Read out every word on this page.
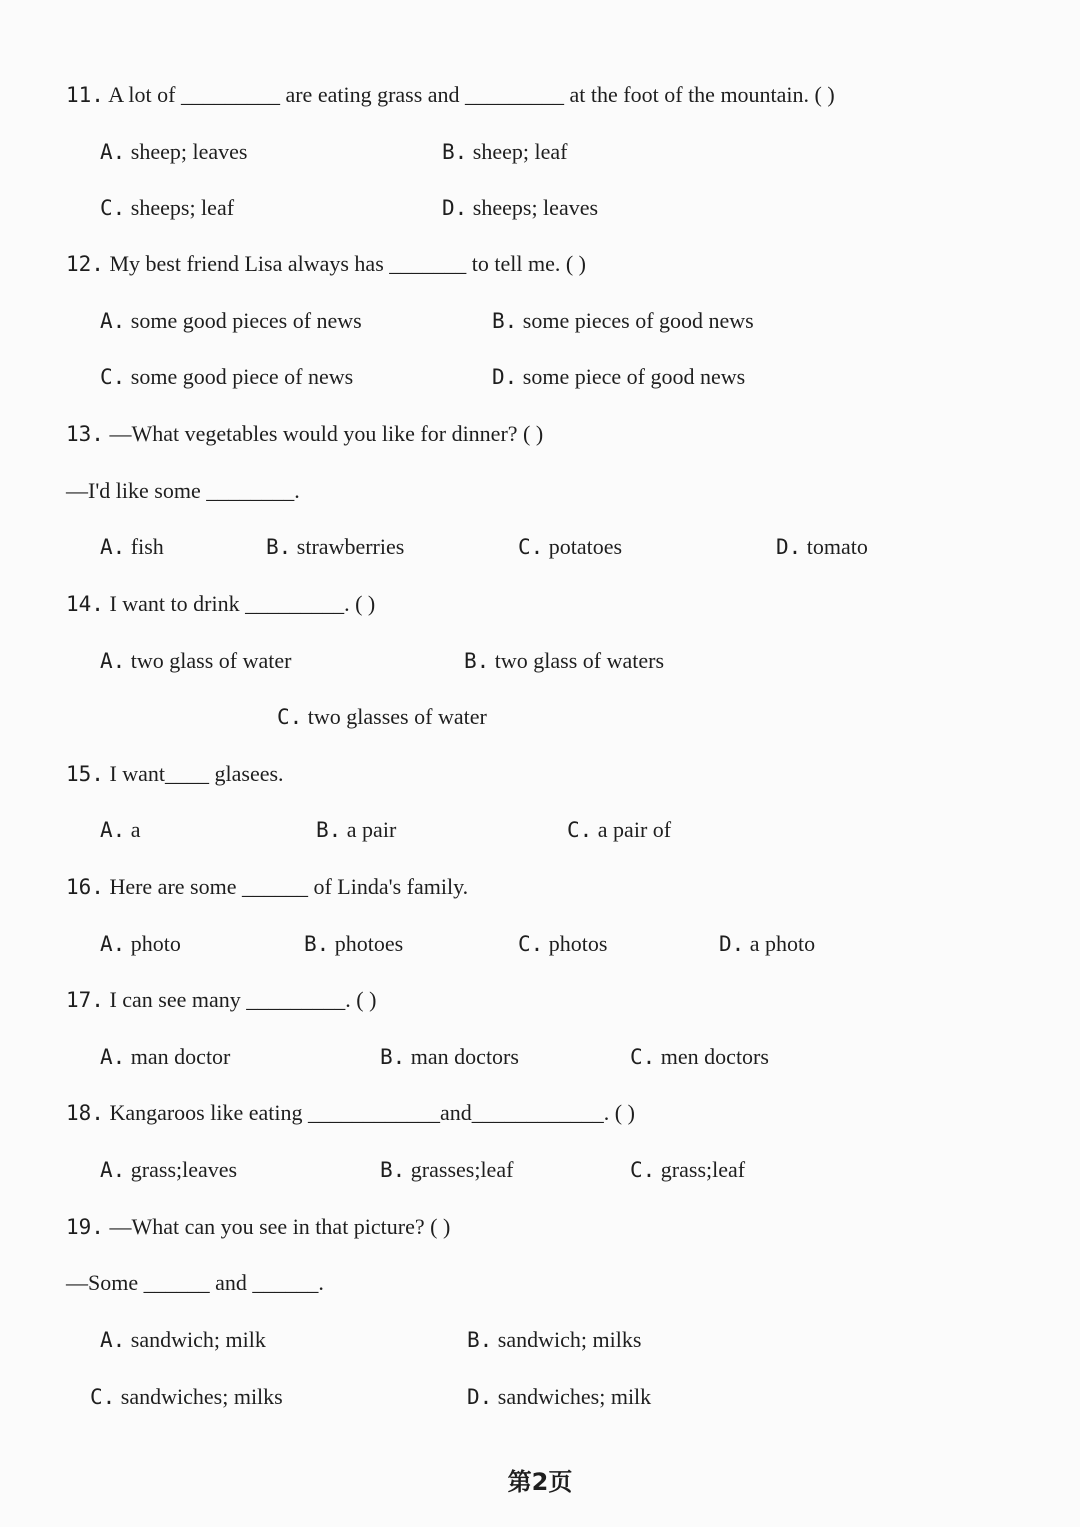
11. A lot of _________ are eating grass and _________ at the foot of the mountain. ( )
A. sheep; leaves	B. sheep; leaf
C. sheeps; leaf	D. sheeps; leaves
12. My best friend Lisa always has _______ to tell me. ( )
A. some good pieces of news	B. some pieces of good news
C. some good piece of news	D. some piece of good news
13. —What vegetables would you like for dinner? ( )
—I'd like some ________.
A. fish	B. strawberries	C. potatoes	D. tomato
14. I want to drink _________. ( )
A. two glass of water	B. two glass of waters
C. two glasses of water
15. I want____ glasees.
A. a	B. a pair	C. a pair of
16. Here are some ______ of Linda's family.
A. photo	B. photoes	C. photos	D. a photo
17. I can see many _________. ( )
A. man doctor	B. man doctors	C. men doctors
18. Kangaroos like eating ____________and____________. ( )
A. grass;leaves	B. grasses;leaf	C. grass;leaf
19. —What can you see in that picture? ( )
—Some ______ and ______.
A. sandwich; milk	B. sandwich; milks
C. sandwiches; milks	D. sandwiches; milk
第2页
